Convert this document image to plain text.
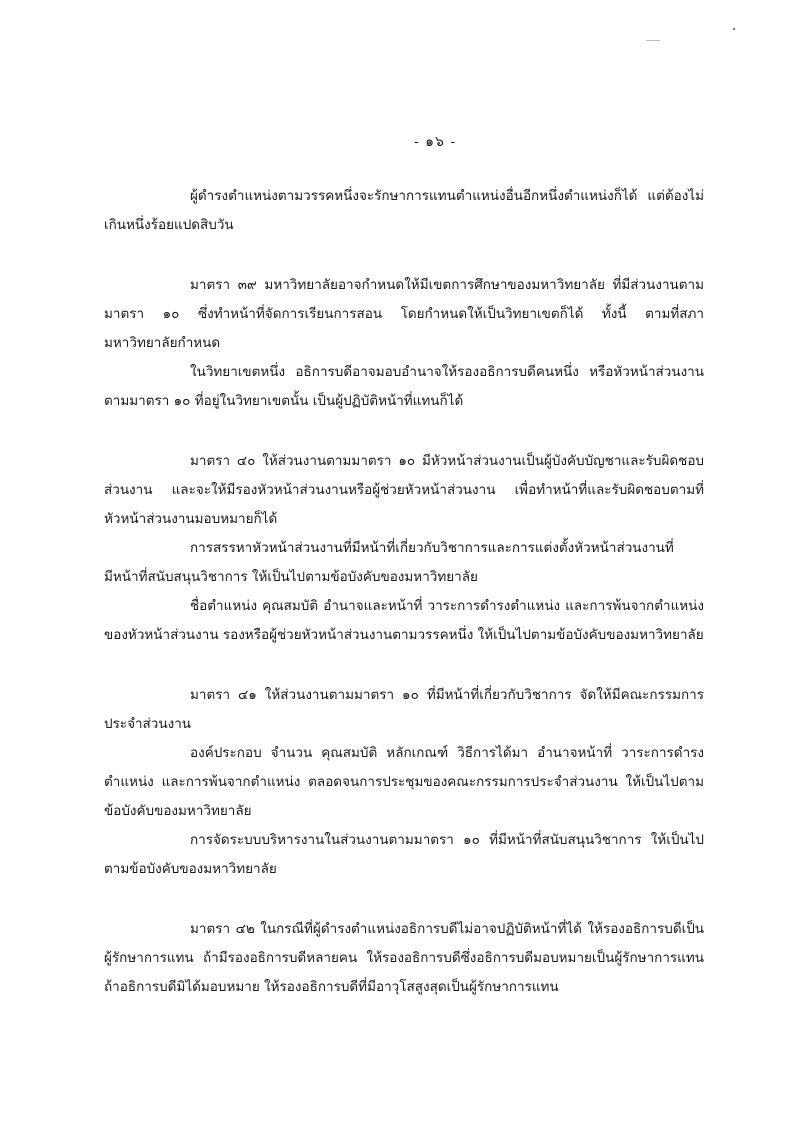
- ๑๖ -

ผู้ดำรงตำแหน่งตามวรรคหนึ่งจะรักษาการแทนตำแหน่งอื่นอีกหนึ่งตำแหน่งก็ได้ แต่ต้องไม่เกินหนึ่งร้อยแปดสิบวัน

มาตรา ๓๙ มหาวิทยาลัยอาจกำหนดให้มีเขตการศึกษาของมหาวิทยาลัย ที่มีส่วนงานตามมาตรา ๑๐ ซึ่งทำหน้าที่จัดการเรียนการสอน โดยกำหนดให้เป็นวิทยาเขตก็ได้ ทั้งนี้ ตามที่สภามหาวิทยาลัยกำหนด

ในวิทยาเขตหนึ่ง อธิการบดีอาจมอบอำนาจให้รองอธิการบดีคนหนึ่ง หรือหัวหน้าส่วนงานตามมาตรา ๑๐ ที่อยู่ในวิทยาเขตนั้น เป็นผู้ปฏิบัติหน้าที่แทนก็ได้

มาตรา ๔๐ ให้ส่วนงานตามมาตรา ๑๐ มีหัวหน้าส่วนงานเป็นผู้บังคับบัญชาและรับผิดชอบส่วนงาน และจะให้มีรองหัวหน้าส่วนงานหรือผู้ช่วยหัวหน้าส่วนงาน เพื่อทำหน้าที่และรับผิดชอบตามที่หัวหน้าส่วนงานมอบหมายก็ได้

การสรรหาหัวหน้าส่วนงานที่มีหน้าที่เกี่ยวกับวิชาการและการแต่งตั้งหัวหน้าส่วนงานที่มีหน้าที่สนับสนุนวิชาการ ให้เป็นไปตามข้อบังคับของมหาวิทยาลัย

ชื่อตำแหน่ง คุณสมบัติ อำนาจและหน้าที่ วาระการดำรงตำแหน่ง และการพ้นจากตำแหน่งของหัวหน้าส่วนงาน รองหรือผู้ช่วยหัวหน้าส่วนงานตามวรรคหนึ่ง ให้เป็นไปตามข้อบังคับของมหาวิทยาลัย

มาตรา ๔๑ ให้ส่วนงานตามมาตรา ๑๐ ที่มีหน้าที่เกี่ยวกับวิชาการ จัดให้มีคณะกรรมการประจำส่วนงาน

องค์ประกอบ จำนวน คุณสมบัติ หลักเกณฑ์ วิธีการได้มา อำนาจหน้าที่ วาระการดำรงตำแหน่ง และการพ้นจากตำแหน่ง ตลอดจนการประชุมของคณะกรรมการประจำส่วนงาน ให้เป็นไปตามข้อบังคับของมหาวิทยาลัย

การจัดระบบบริหารงานในส่วนงานตามมาตรา ๑๐ ที่มีหน้าที่สนับสนุนวิชาการ ให้เป็นไปตามข้อบังคับของมหาวิทยาลัย

มาตรา ๔๒ ในกรณีที่ผู้ดำรงตำแหน่งอธิการบดีไม่อาจปฏิบัติหน้าที่ได้ ให้รองอธิการบดีเป็นผู้รักษาการแทน ถ้ามีรองอธิการบดีหลายคน ให้รองอธิการบดีซึ่งอธิการบดีมอบหมายเป็นผู้รักษาการแทน ถ้าอธิการบดีมิได้มอบหมาย ให้รองอธิการบดีที่มีอาวุโสสูงสุดเป็นผู้รักษาการแทน
